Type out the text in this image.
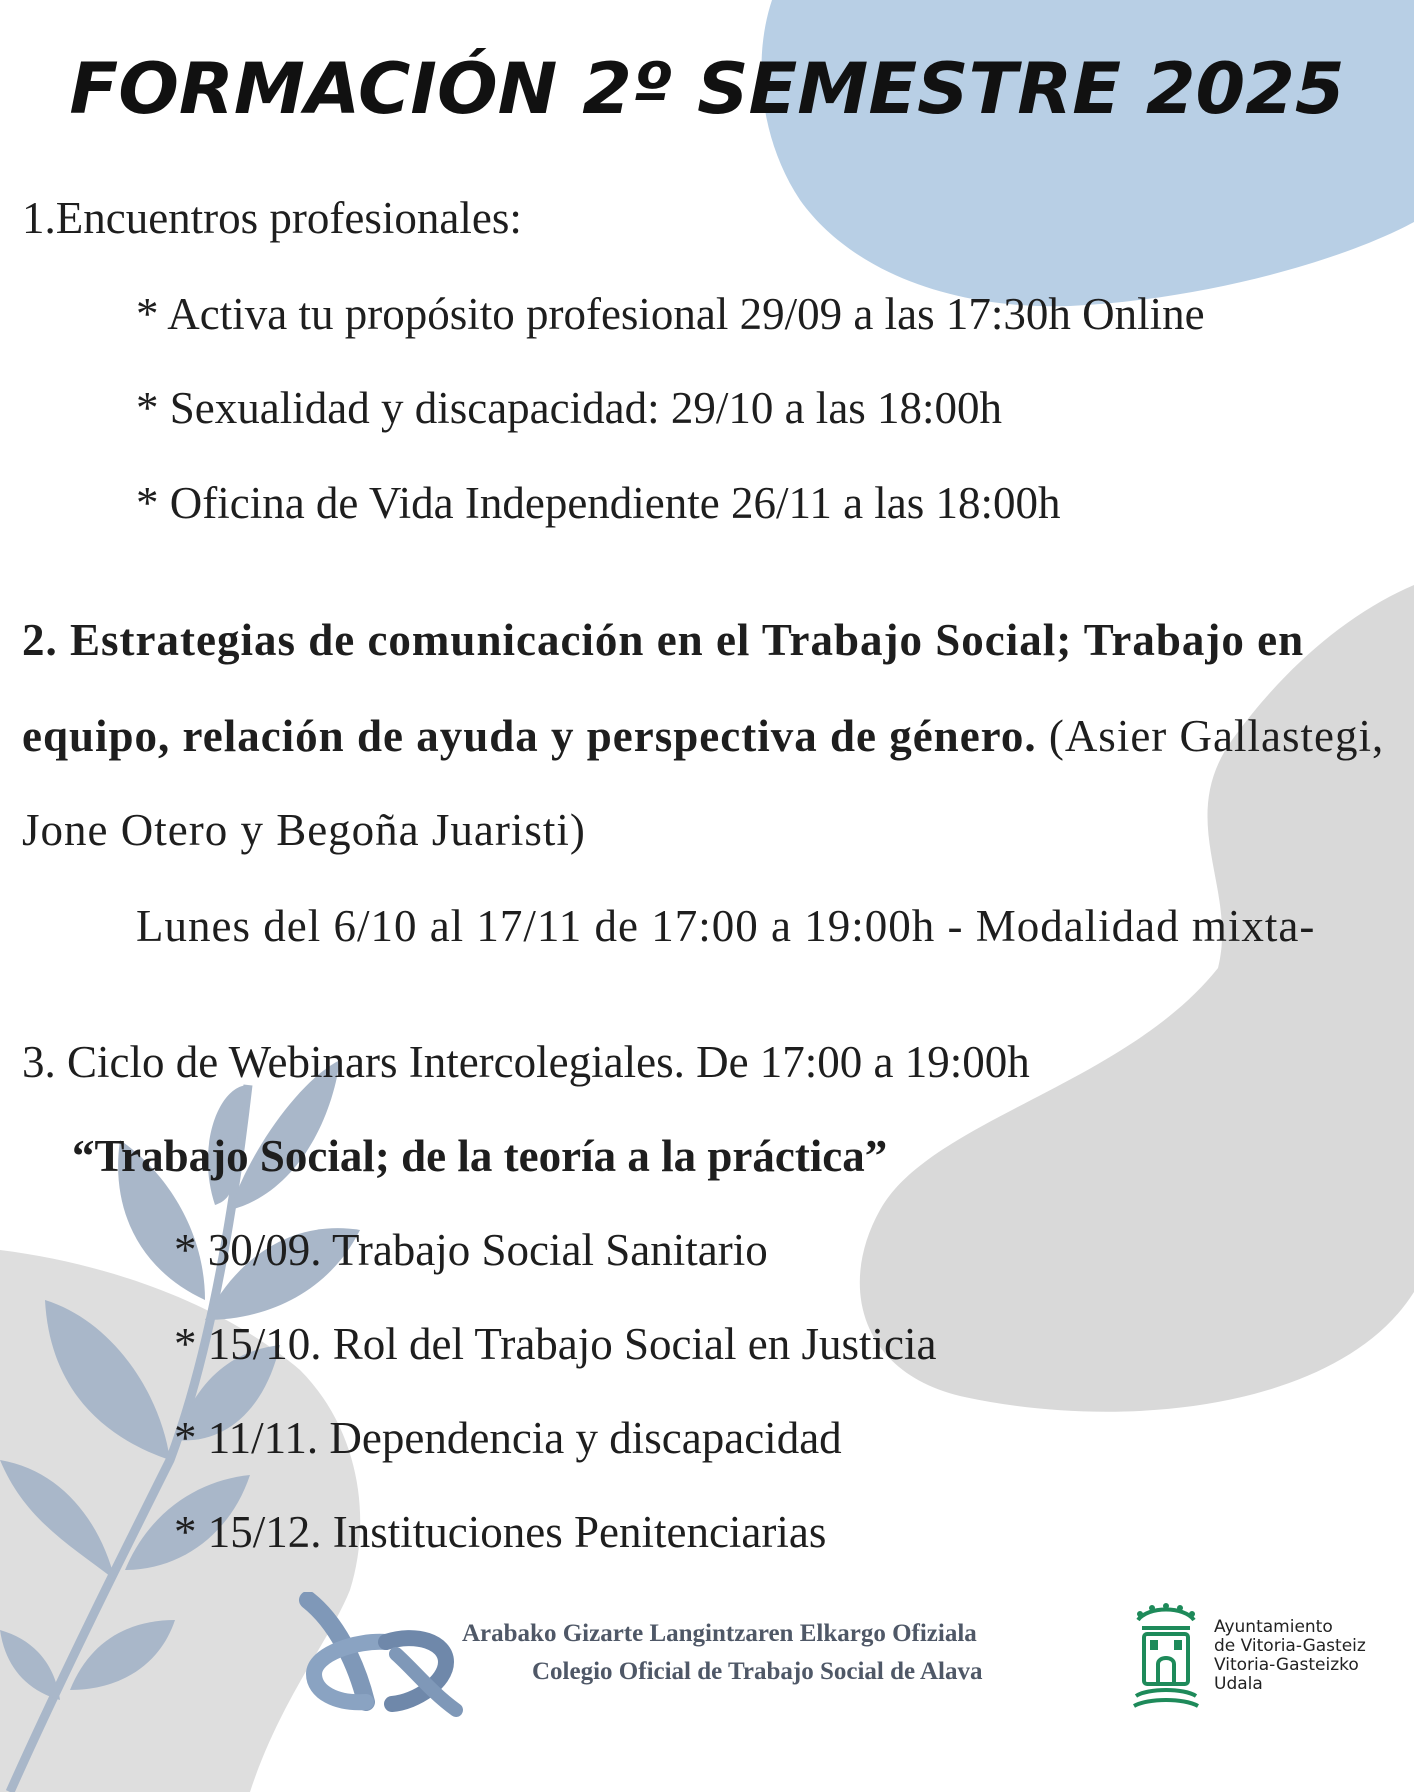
FORMACIÓN 2º SEMESTRE 2025

1.Encuentros profesionales:

* Activa tu propósito profesional 29/09 a las 17:30h Online

* Sexualidad y discapacidad: 29/10 a las 18:00h

* Oficina de Vida Independiente 26/11 a las 18:00h

2. Estrategias de comunicación en el Trabajo Social; Trabajo en

equipo, relación de ayuda y perspectiva de género. (Asier Gallastegi,

Jone Otero y Begoña Juaristi)

Lunes del 6/10 al 17/11 de 17:00 a 19:00h - Modalidad mixta-

3. Ciclo de Webinars Intercolegiales. De 17:00 a 19:00h

“Trabajo Social; de la teoría a la práctica”

* 30/09. Trabajo Social Sanitario

* 15/10. Rol del Trabajo Social en Justicia

* 11/11. Dependencia y discapacidad

* 15/12. Instituciones Penitenciarias

Arabako Gizarte Langintzaren Elkargo Ofiziala

Colegio Oficial de Trabajo Social de Alava

Ayuntamiento
de Vitoria-Gasteiz
Vitoria-Gasteizko
Udala
